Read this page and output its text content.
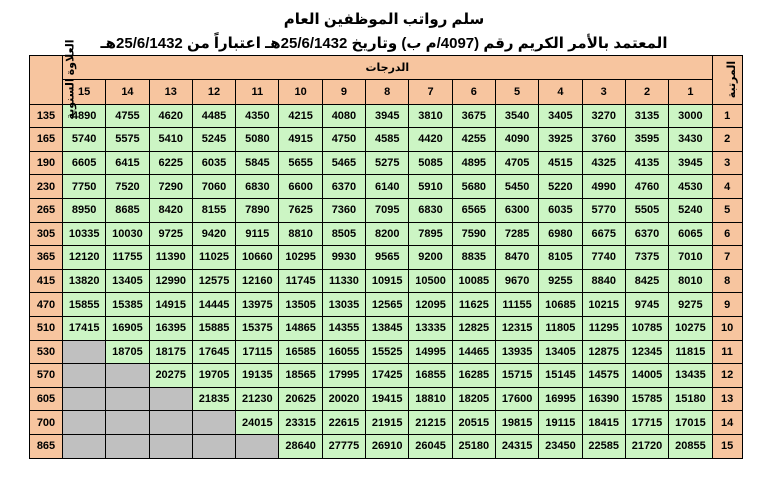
سلم رواتب الموظفين العام
المعتمد بالأمر الكريم رقم (4097/م ب) وتاريخ 25/6/1432هـ اعتباراً من 25/6/1432هـ
العلاوة السنوية	الدرجات															المرتبة
	15	14	13	12	11	10	9	8	7	6	5	4	3	2	1	
135	4890	4755	4620	4485	4350	4215	4080	3945	3810	3675	3540	3405	3270	3135	3000	1
165	5740	5575	5410	5245	5080	4915	4750	4585	4420	4255	4090	3925	3760	3595	3430	2
190	6605	6415	6225	6035	5845	5655	5465	5275	5085	4895	4705	4515	4325	4135	3945	3
230	7750	7520	7290	7060	6830	6600	6370	6140	5910	5680	5450	5220	4990	4760	4530	4
265	8950	8685	8420	8155	7890	7625	7360	7095	6830	6565	6300	6035	5770	5505	5240	5
305	10335	10030	9725	9420	9115	8810	8505	8200	7895	7590	7285	6980	6675	6370	6065	6
365	12120	11755	11390	11025	10660	10295	9930	9565	9200	8835	8470	8105	7740	7375	7010	7
415	13820	13405	12990	12575	12160	11745	11330	10915	10500	10085	9670	9255	8840	8425	8010	8
470	15855	15385	14915	14445	13975	13505	13035	12565	12095	11625	11155	10685	10215	9745	9275	9
510	17415	16905	16395	15885	15375	14865	14355	13845	13335	12825	12315	11805	11295	10785	10275	10
530		18705	18175	17645	17115	16585	16055	15525	14995	14465	13935	13405	12875	12345	11815	11
570			20275	19705	19135	18565	17995	17425	16855	16285	15715	15145	14575	14005	13435	12
605				21835	21230	20625	20020	19415	18810	18205	17600	16995	16390	15785	15180	13
700					24015	23315	22615	21915	21215	20515	19815	19115	18415	17715	17015	14
865						28640	27775	26910	26045	25180	24315	23450	22585	21720	20855	15
